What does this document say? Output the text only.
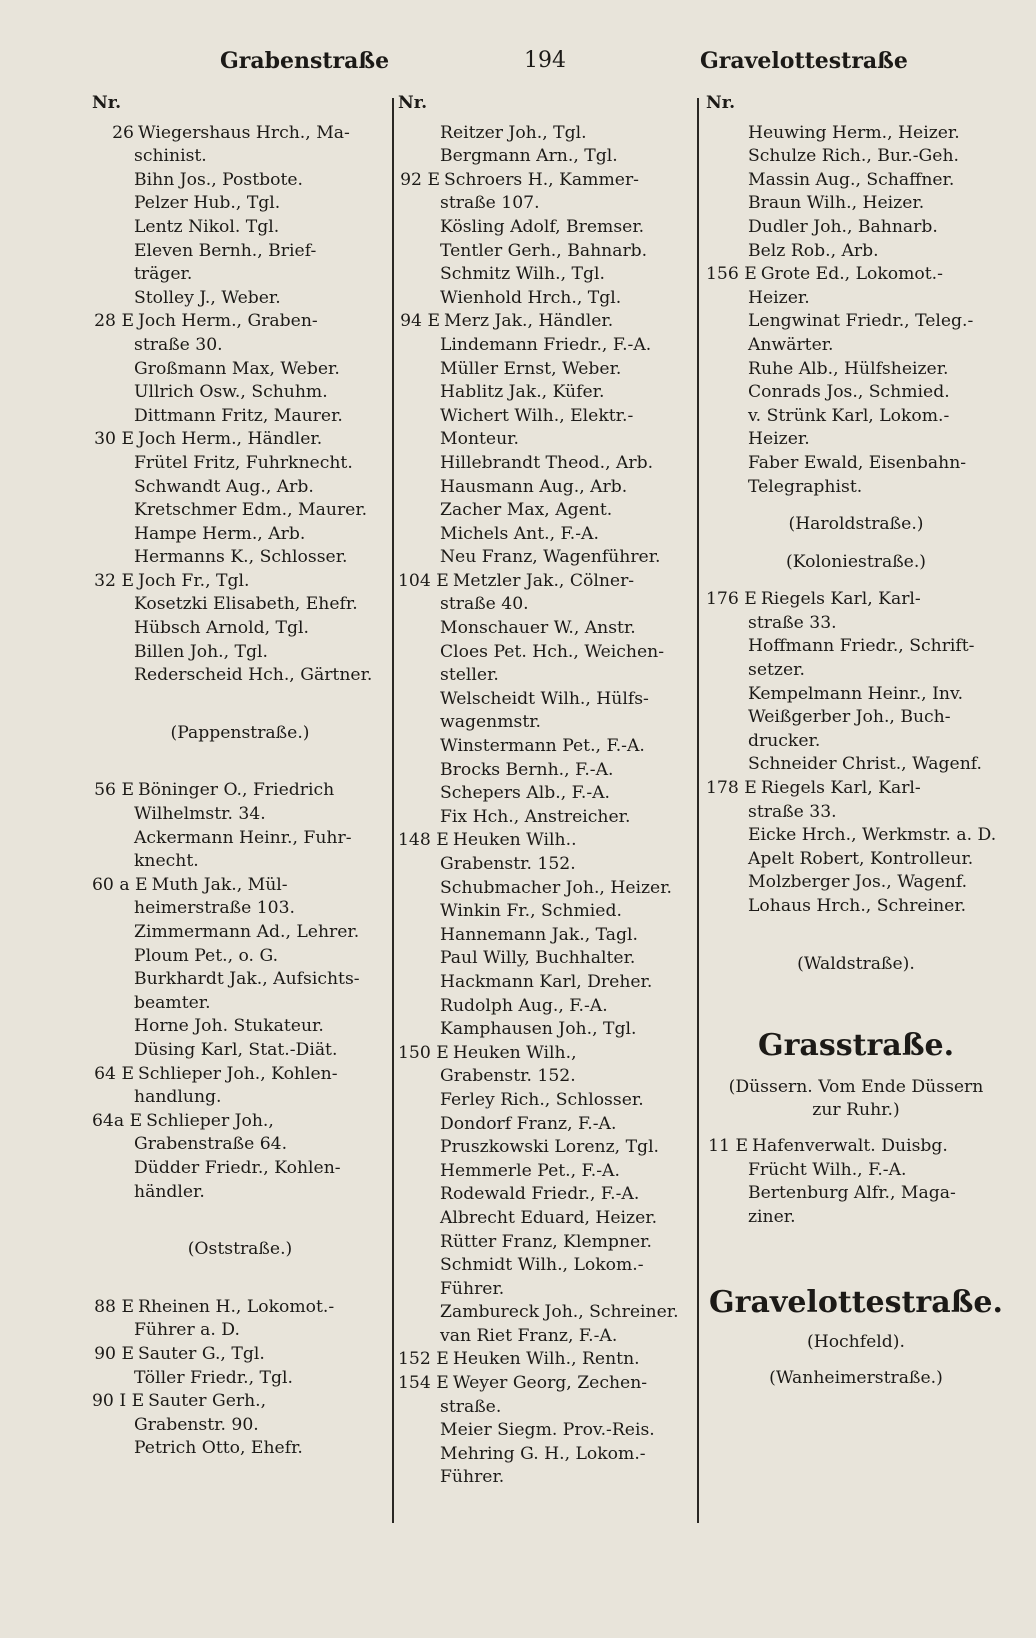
Grabenstraße	194	Gravelottestraße
Nr.
26 Wiegershaus Hrch., Ma-
schinist.
Bihn Jos., Postbote.
Pelzer Hub., Tgl.
Lentz Nikol. Tgl.
Eleven Bernh., Brief-
träger.
Stolley J., Weber.
28 E Joch Herm., Graben-
straße 30.
Großmann Max, Weber.
Ullrich Osw., Schuhm.
Dittmann Fritz, Maurer.
30 E Joch Herm., Händler.
Frütel Fritz, Fuhrknecht.
Schwandt Aug., Arb.
Kretschmer Edm., Maurer.
Hampe Herm., Arb.
Hermanns K., Schlosser.
32 E Joch Fr., Tgl.
Kosetzki Elisabeth, Ehefr.
Hübsch Arnold, Tgl.
Billen Joh., Tgl.
Rederscheid Hch., Gärtner.
(Pappenstraße.)
56 E Böninger O., Friedrich
Wilhelmstr. 34.
Ackermann Heinr., Fuhr-
knecht.
60 a E Muth Jak., Mül-
heimerstraße 103.
Zimmermann Ad., Lehrer.
Ploum Pet., o. G.
Burkhardt Jak., Aufsichts-
beamter.
Horne Joh. Stukateur.
Düsing Karl, Stat.-Diät.
64 E Schlieper Joh., Kohlen-
handlung.
64a E Schlieper Joh.,
Grabenstraße 64.
Düdder Friedr., Kohlen-
händler.
(Oststraße.)
88 E Rheinen H., Lokomot.-
Führer a. D.
90 E Sauter G., Tgl.
Töller Friedr., Tgl.
90 I E Sauter Gerh.,
Grabenstr. 90.
Petrich Otto, Ehefr.
Nr.
Reitzer Joh., Tgl.
Bergmann Arn., Tgl.
92 E Schroers H., Kammer-
straße 107.
Kösling Adolf, Bremser.
Tentler Gerh., Bahnarb.
Schmitz Wilh., Tgl.
Wienhold Hrch., Tgl.
94 E Merz Jak., Händler.
Lindemann Friedr., F.-A.
Müller Ernst, Weber.
Hablitz Jak., Küfer.
Wichert Wilh., Elektr.-
Monteur.
Hillebrandt Theod., Arb.
Hausmann Aug., Arb.
Zacher Max, Agent.
Michels Ant., F.-A.
Neu Franz, Wagenführer.
104 E Metzler Jak., Cölner-
straße 40.
Monschauer W., Anstr.
Cloes Pet. Hch., Weichen-
steller.
Welscheidt Wilh., Hülfs-
wagenmstr.
Winstermann Pet., F.-A.
Brocks Bernh., F.-A.
Schepers Alb., F.-A.
Fix Hch., Anstreicher.
148 E Heuken Wilh..
Grabenstr. 152.
Schubmacher Joh., Heizer.
Winkin Fr., Schmied.
Hannemann Jak., Tagl.
Paul Willy, Buchhalter.
Hackmann Karl, Dreher.
Rudolph Aug., F.-A.
Kamphausen Joh., Tgl.
150 E Heuken Wilh.,
Grabenstr. 152.
Ferley Rich., Schlosser.
Dondorf Franz, F.-A.
Pruszkowski Lorenz, Tgl.
Hemmerle Pet., F.-A.
Rodewald Friedr., F.-A.
Albrecht Eduard, Heizer.
Rütter Franz, Klempner.
Schmidt Wilh., Lokom.-
Führer.
Zambureck Joh., Schreiner.
van Riet Franz, F.-A.
152 E Heuken Wilh., Rentn.
154 E Weyer Georg, Zechen-
straße.
Meier Siegm. Prov.-Reis.
Mehring G. H., Lokom.-
Führer.
Nr.
Heuwing Herm., Heizer.
Schulze Rich., Bur.-Geh.
Massin Aug., Schaffner.
Braun Wilh., Heizer.
Dudler Joh., Bahnarb.
Belz Rob., Arb.
156 E Grote Ed., Lokomot.-
Heizer.
Lengwinat Friedr., Teleg.-
Anwärter.
Ruhe Alb., Hülfsheizer.
Conrads Jos., Schmied.
v. Strünk Karl, Lokom.-
Heizer.
Faber Ewald, Eisenbahn-
Telegraphist.
(Haroldstraße.)
(Koloniestraße.)
176 E Riegels Karl, Karl-
straße 33.
Hoffmann Friedr., Schrift-
setzer.
Kempelmann Heinr., Inv.
Weißgerber Joh., Buch-
drucker.
Schneider Christ., Wagenf.
178 E Riegels Karl, Karl-
straße 33.
Eicke Hrch., Werkmstr. a. D.
Apelt Robert, Kontrolleur.
Molzberger Jos., Wagenf.
Lohaus Hrch., Schreiner.
(Waldstraße).
Grasstraße.
(Düssern. Vom Ende Düssern zur Ruhr.)
11 E Hafenverwalt. Duisbg.
Frücht Wilh., F.-A.
Bertenburg Alfr., Maga-
ziner.
Gravelottestraße.
(Hochfeld).
(Wanheimerstraße.)
